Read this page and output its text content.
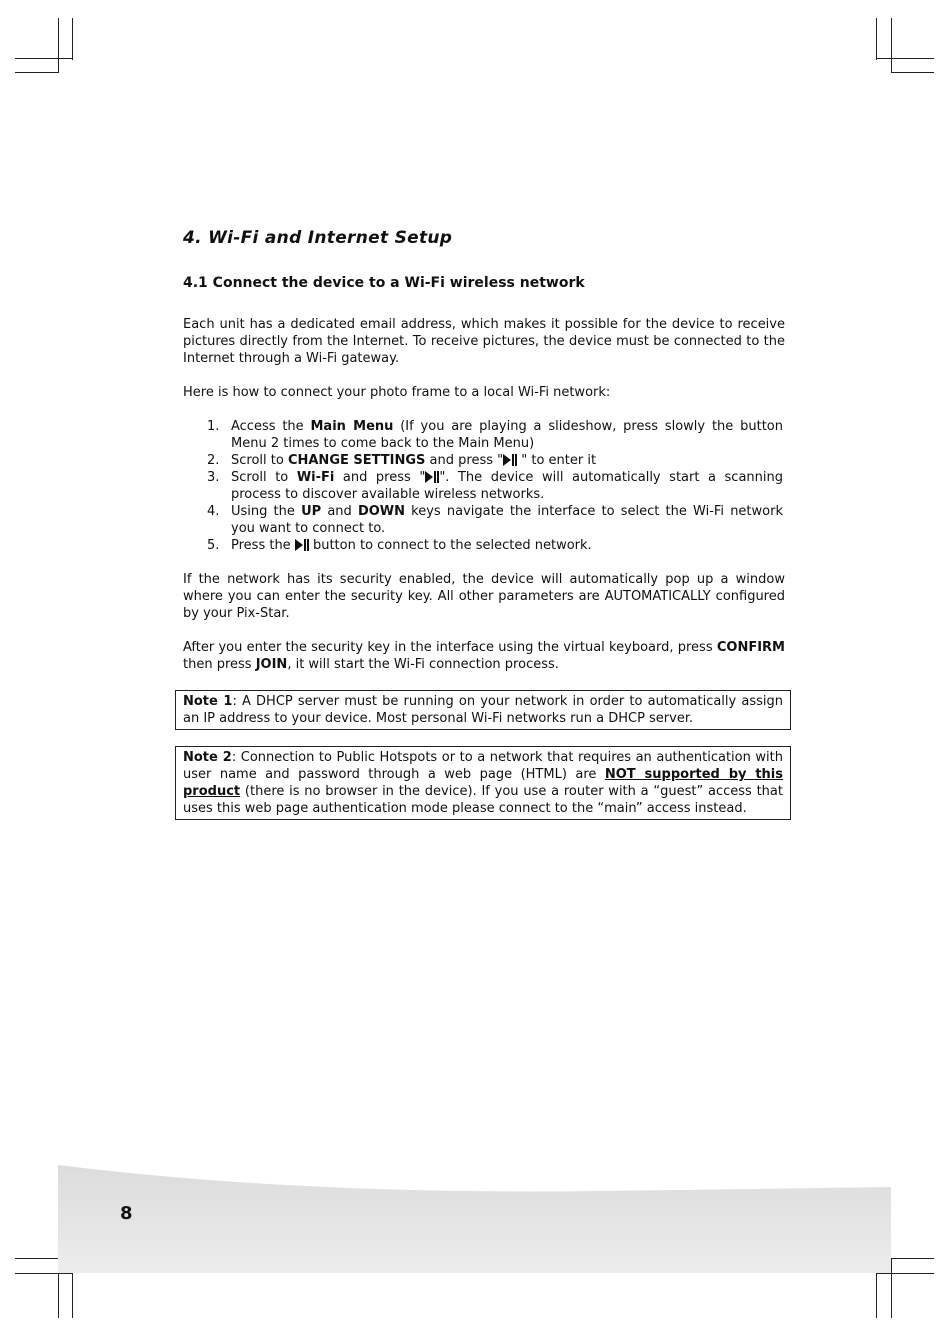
8
4. Wi-Fi and Internet Setup
4.1 Connect the device to a Wi-Fi wireless network

Each unit has a dedicated email address, which makes it possible for the device to receive pictures directly from the Internet. To receive pictures, the device must be connected to the Internet through a Wi-Fi gateway.

Here is how to connect your photo frame to a local Wi-Fi network:

1. Access the Main Menu (If you are playing a slideshow, press slowly the button Menu 2 times to come back to the Main Menu)
2. Scroll to CHANGE SETTINGS and press " " to enter it
3. Scroll to Wi-Fi and press " ". The device will automatically start a scanning process to discover available wireless networks.
4. Using the UP and DOWN keys navigate the interface to select the Wi-Fi network you want to connect to.
5. Press the  button to connect to the selected network.

If the network has its security enabled, the device will automatically pop up a window where you can enter the security key. All other parameters are AUTOMATICALLY configured by your Pix-Star.

After you enter the security key in the interface using the virtual keyboard, press CONFIRM then press JOIN, it will start the Wi-Fi connection process.

Note 1: A DHCP server must be running on your network in order to automatically assign an IP address to your device. Most personal Wi-Fi networks run a DHCP server.
Note 2: Connection to Public Hotspots or to a network that requires an authentication with user name and password through a web page (HTML) are NOT supported by this product (there is no browser in the device). If you use a router with a “guest” access that uses this web page authentication mode please connect to the “main” access instead.
